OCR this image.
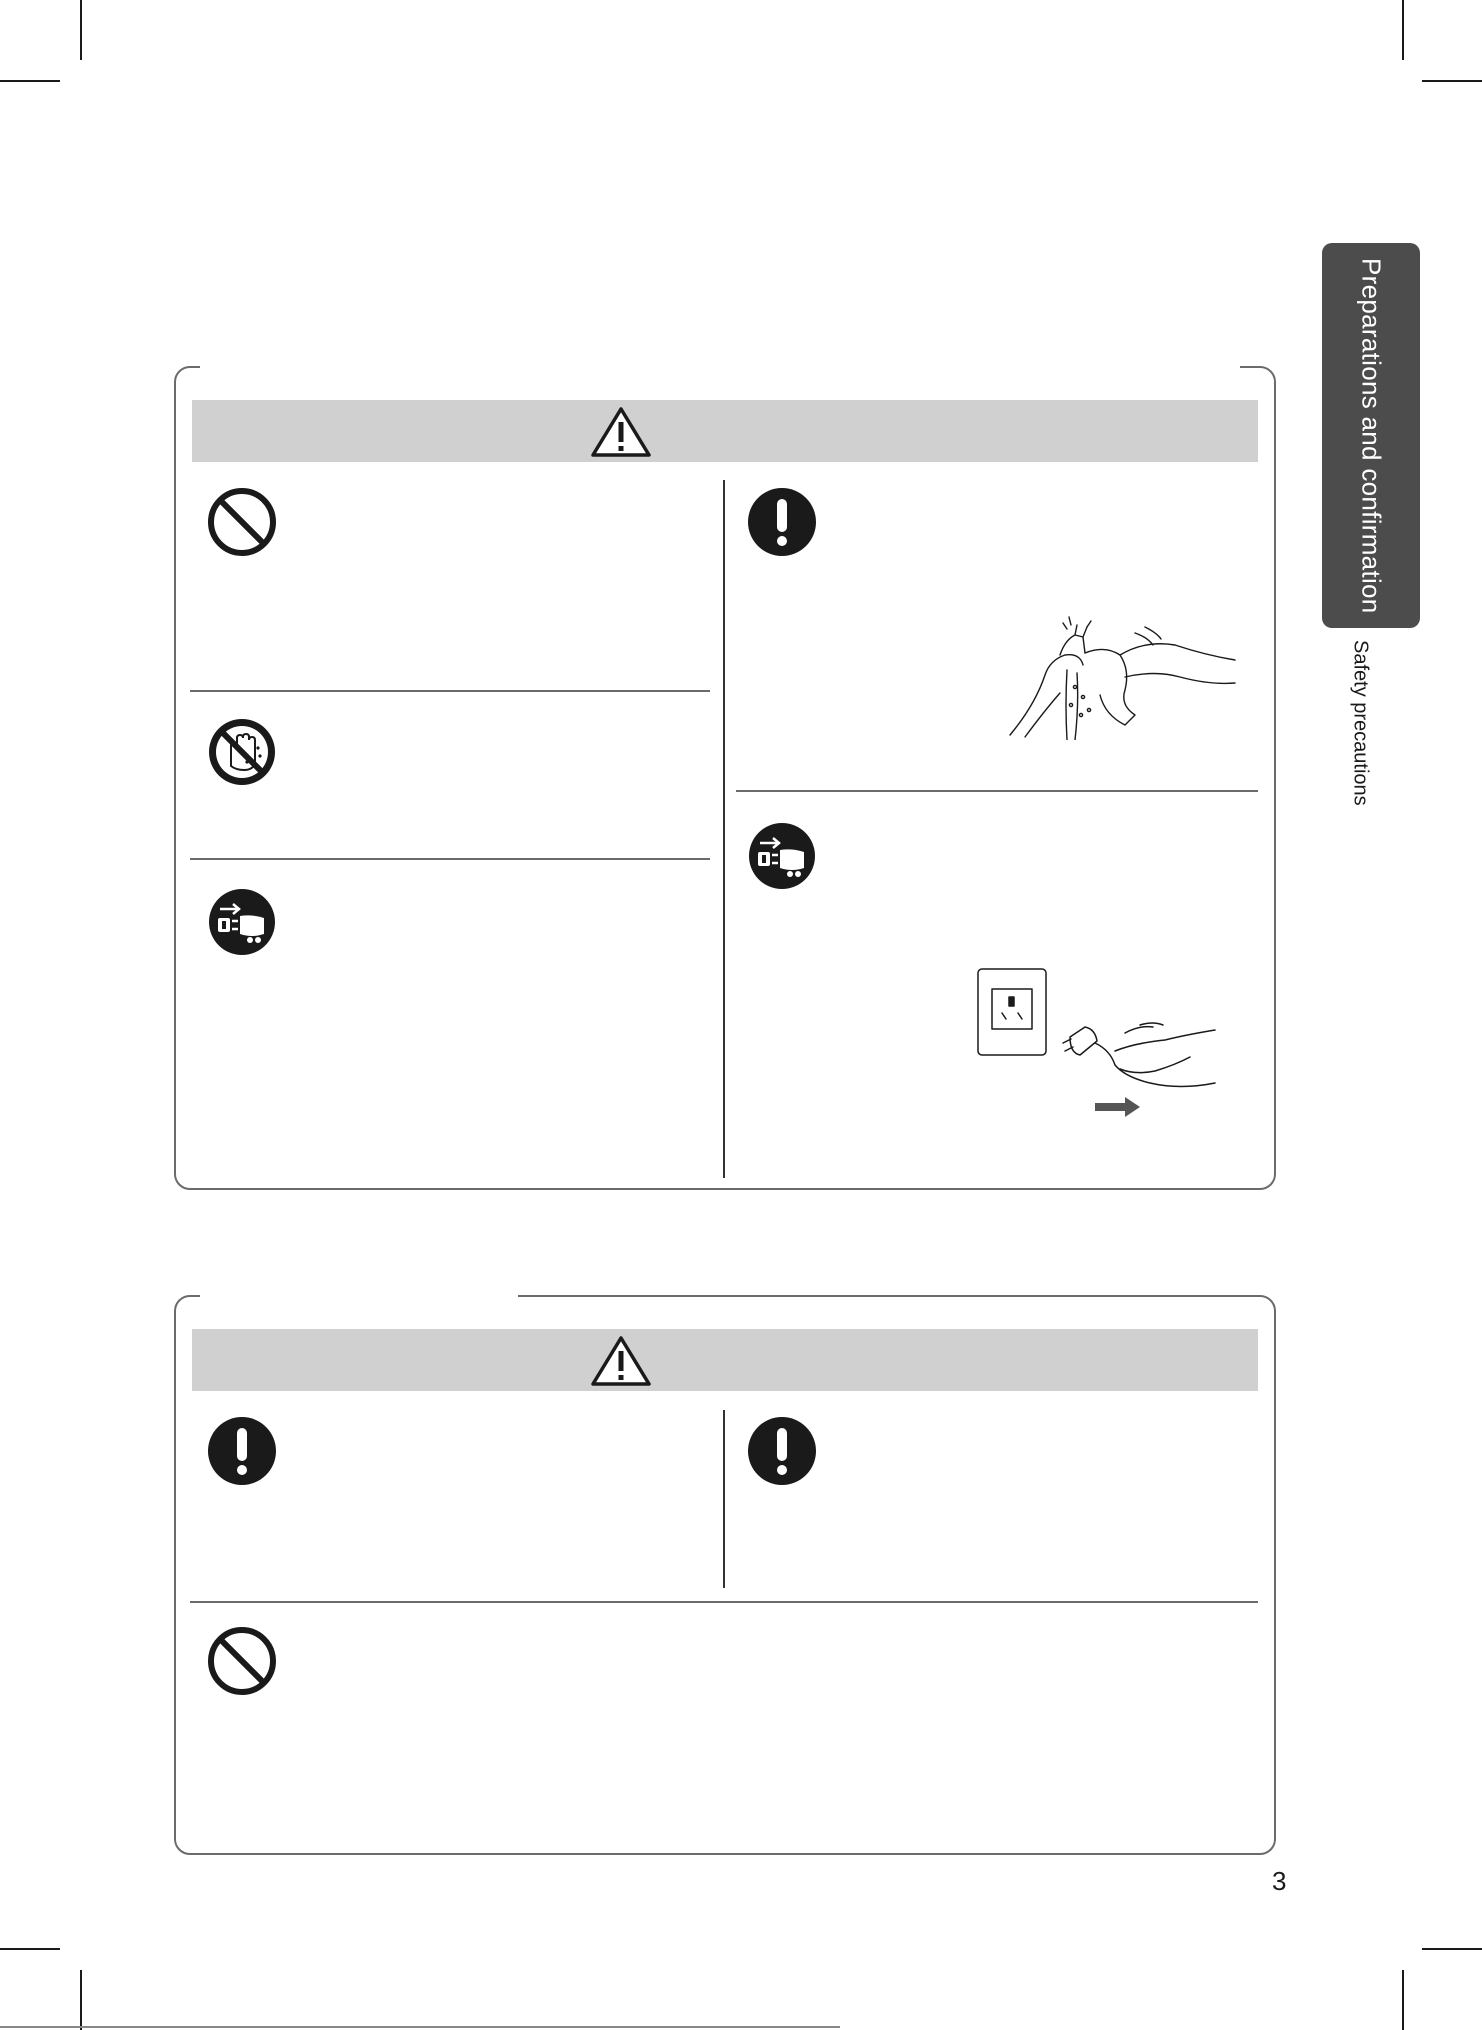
Preparations and confirmation
Safety precautions
3
